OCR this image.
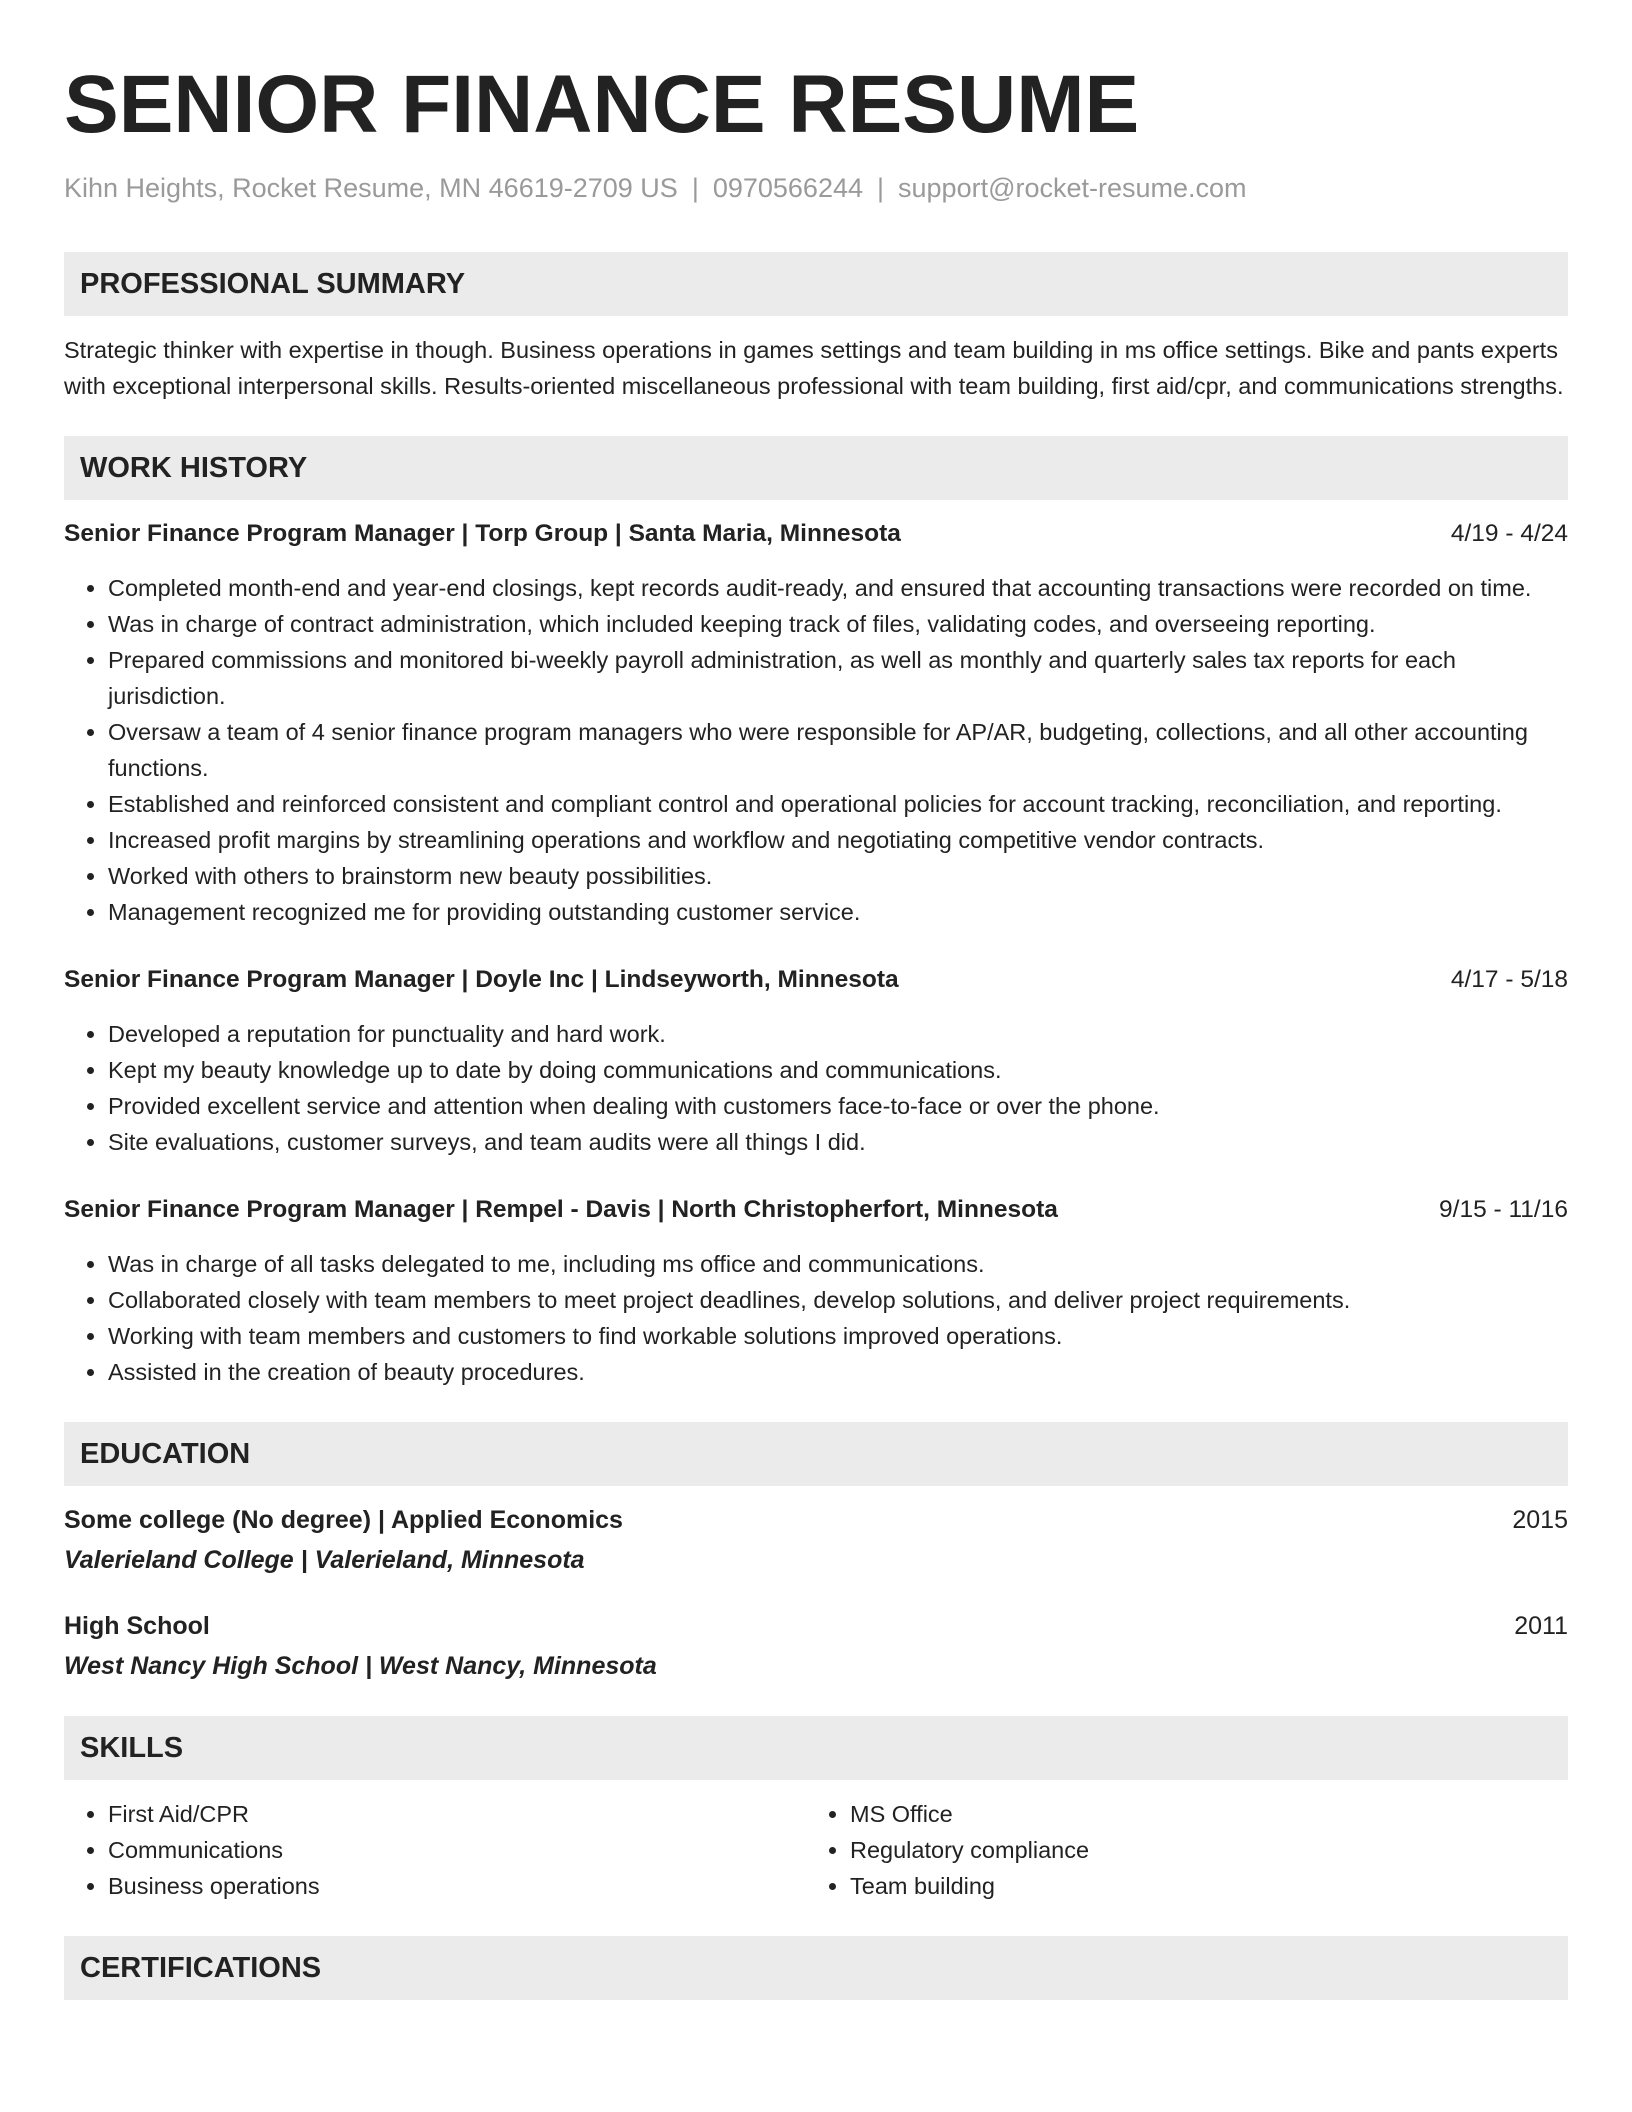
SENIOR FINANCE RESUME
Kihn Heights, Rocket Resume, MN 46619-2709 US | 0970566244 | support@rocket-resume.com
PROFESSIONAL SUMMARY

Strategic thinker with expertise in though. Business operations in games settings and team building in ms office settings. Bike and pants experts with exceptional interpersonal skills. Results-oriented miscellaneous professional with team building, first aid/cpr, and communications strengths.

WORK HISTORY
Senior Finance Program Manager | Torp Group | Santa Maria, Minnesota	4/19 - 4/24
• Completed month-end and year-end closings, kept records audit-ready, and ensured that accounting transactions were recorded on time.
• Was in charge of contract administration, which included keeping track of files, validating codes, and overseeing reporting.
• Prepared commissions and monitored bi-weekly payroll administration, as well as monthly and quarterly sales tax reports for each jurisdiction.
• Oversaw a team of 4 senior finance program managers who were responsible for AP/AR, budgeting, collections, and all other accounting functions.
• Established and reinforced consistent and compliant control and operational policies for account tracking, reconciliation, and reporting.
• Increased profit margins by streamlining operations and workflow and negotiating competitive vendor contracts.
• Worked with others to brainstorm new beauty possibilities.
• Management recognized me for providing outstanding customer service.
Senior Finance Program Manager | Doyle Inc | Lindseyworth, Minnesota	4/17 - 5/18
• Developed a reputation for punctuality and hard work.
• Kept my beauty knowledge up to date by doing communications and communications.
• Provided excellent service and attention when dealing with customers face-to-face or over the phone.
• Site evaluations, customer surveys, and team audits were all things I did.
Senior Finance Program Manager | Rempel - Davis | North Christopherfort, Minnesota	9/15 - 11/16
• Was in charge of all tasks delegated to me, including ms office and communications.
• Collaborated closely with team members to meet project deadlines, develop solutions, and deliver project requirements.
• Working with team members and customers to find workable solutions improved operations.
• Assisted in the creation of beauty procedures.
EDUCATION
Some college (No degree) | Applied Economics	2015
Valerieland College | Valerieland, Minnesota
High School	2011
West Nancy High School | West Nancy, Minnesota
SKILLS
• First Aid/CPR
• Communications
• Business operations
• MS Office
• Regulatory compliance
• Team building
CERTIFICATIONS
